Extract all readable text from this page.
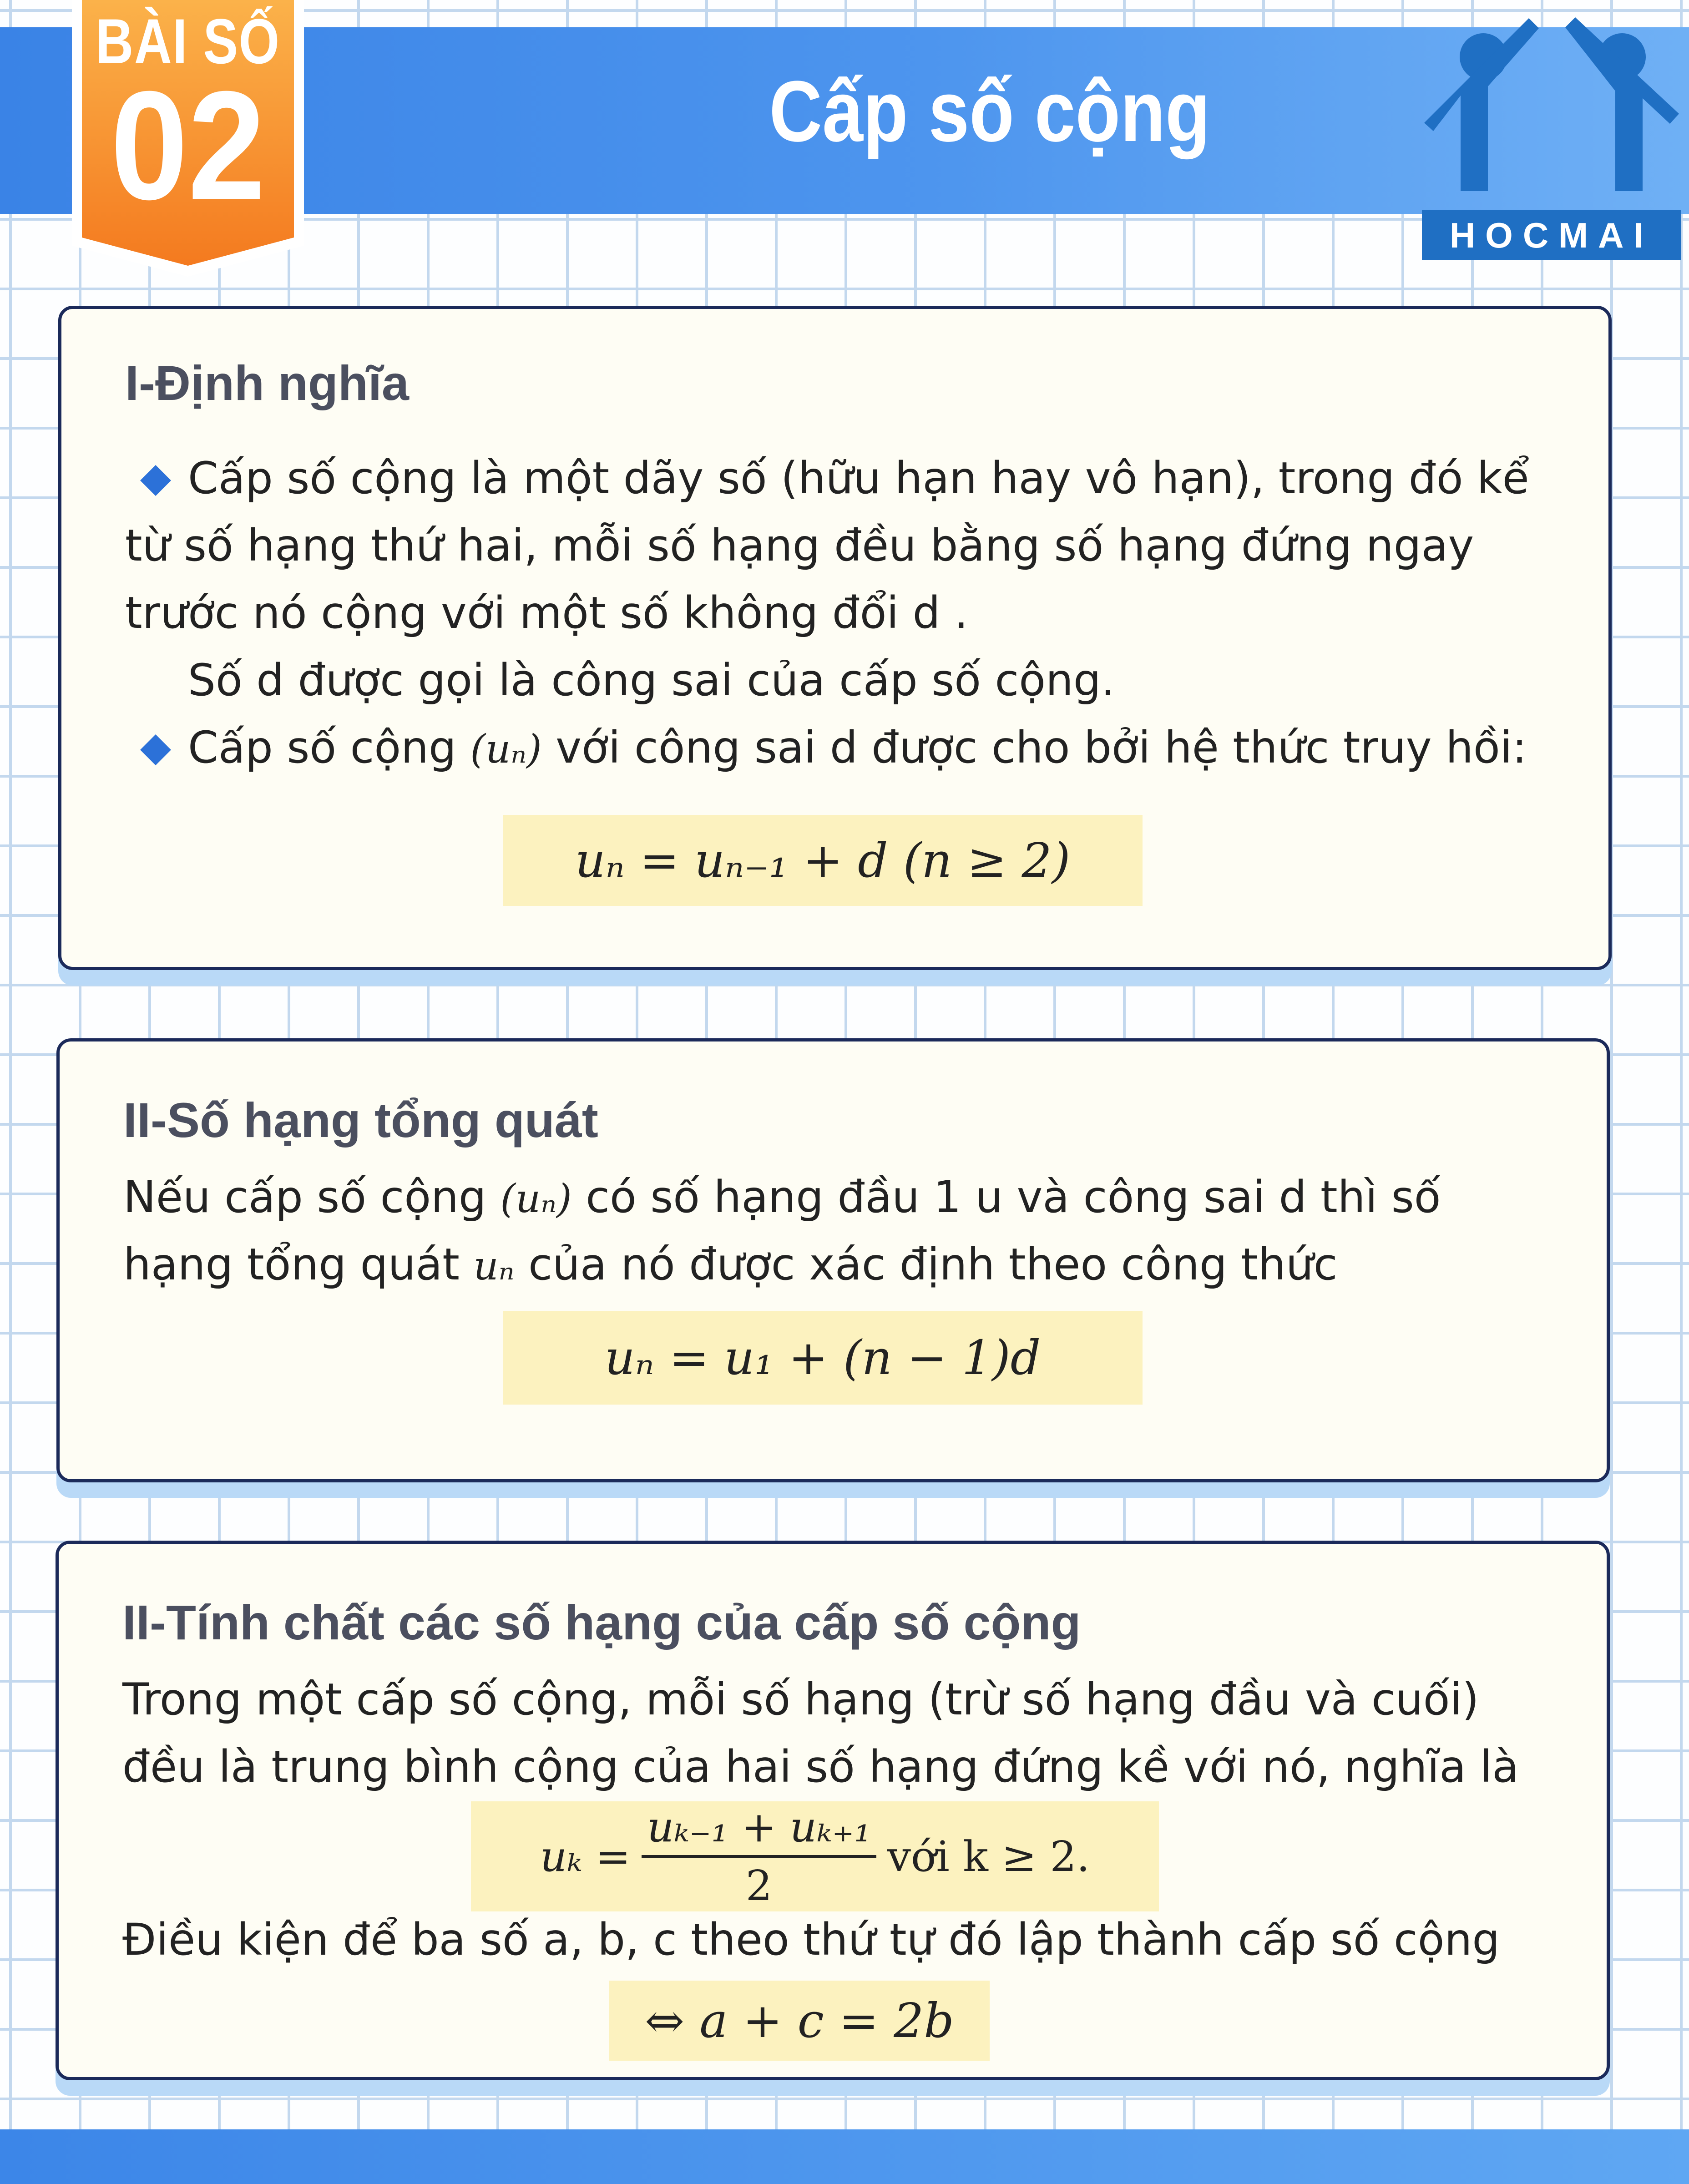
BÀI SỐ
02	Cấp số cộng
HOCMAI
I-Định nghĩa
Cấp số cộng là một dãy số (hữu hạn hay vô hạn), trong đó kể
từ số hạng thứ hai, mỗi số hạng đều bằng số hạng đứng ngay
trước nó cộng với một số không đổi d .
Số d được gọi là công sai của cấp số cộng.
Cấp số cộng (uₙ) với công sai d được cho bởi hệ thức truy hồi:
uₙ = uₙ₋₁ + d (n ≥ 2)
II-Số hạng tổng quát
Nếu cấp số cộng (uₙ) có số hạng đầu 1 u và công sai d thì số
hạng tổng quát uₙ của nó được xác định theo công thức
uₙ = u₁ + (n − 1)d
II-Tính chất các số hạng của cấp số cộng
Trong một cấp số cộng, mỗi số hạng (trừ số hạng đầu và cuối)
đều là trung bình cộng của hai số hạng đứng kề với nó, nghĩa là
$u_k = \frac{\text{uₖ₋₁ + uₖ₊₁}}{2}$ với k ≥ 2.
Điều kiện để ba số a, b, c theo thứ tự đó lập thành cấp số cộng
⇔ a + c = 2b
